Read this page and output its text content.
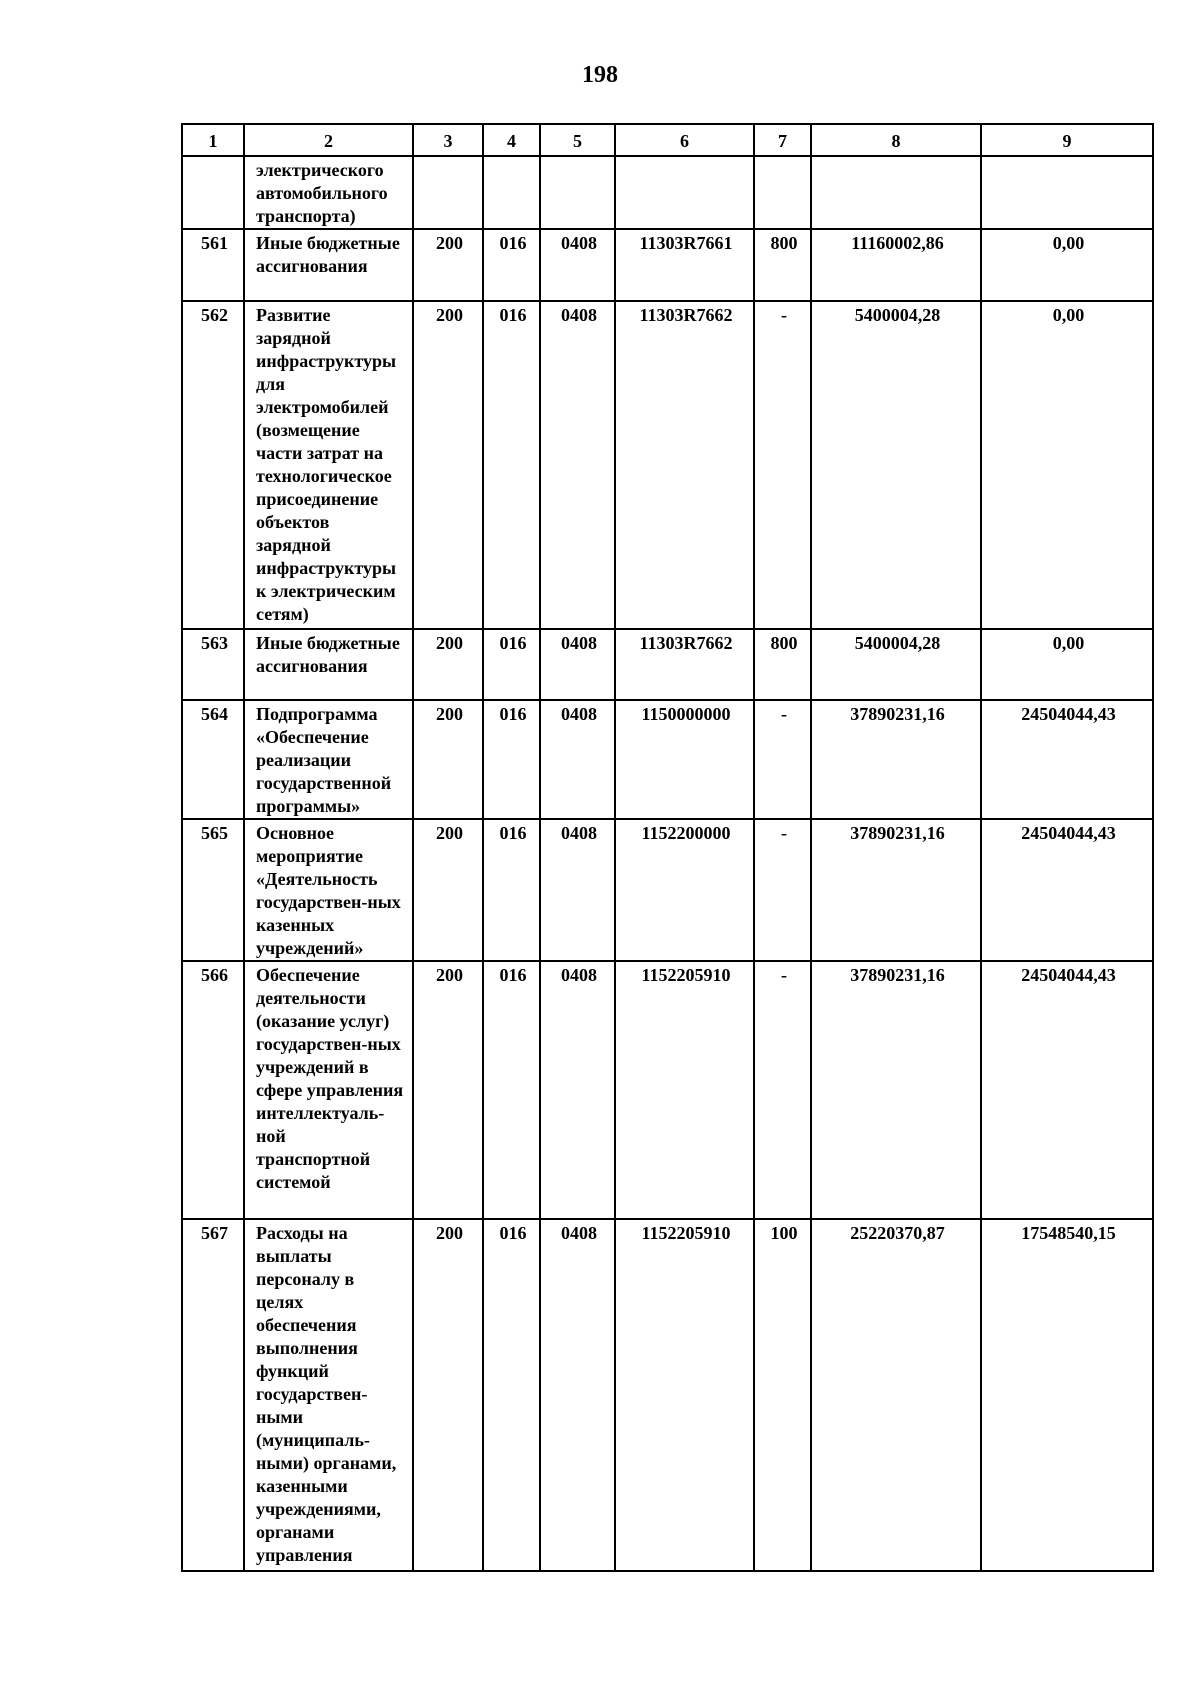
198
1	2	3	4	5	6	7	8	9
	электрического автомобильного транспорта)							
561	Иные бюджетные ассигнования	200	016	0408	11303R7661	800	11160002,86	0,00
562	Развитие зарядной инфраструктуры для электромобилей (возмещение части затрат на технологическое присоединение объектов зарядной инфраструктуры к электрическим сетям)	200	016	0408	11303R7662	-	5400004,28	0,00
563	Иные бюджетные ассигнования	200	016	0408	11303R7662	800	5400004,28	0,00
564	Подпрограмма «Обеспечение реализации государственной программы»	200	016	0408	1150000000	-	37890231,16	24504044,43
565	Основное мероприятие «Деятельность государствен-ных казенных учреждений»	200	016	0408	1152200000	-	37890231,16	24504044,43
566	Обеспечение деятельности (оказание услуг) государствен-ных учреждений в сфере управления интеллектуаль-ной транспортной системой	200	016	0408	1152205910	-	37890231,16	24504044,43
567	Расходы на выплаты персоналу в целях обеспечения выполнения функций государствен-ными (муниципаль-ными) органами, казенными учреждениями, органами управления	200	016	0408	1152205910	100	25220370,87	17548540,15
